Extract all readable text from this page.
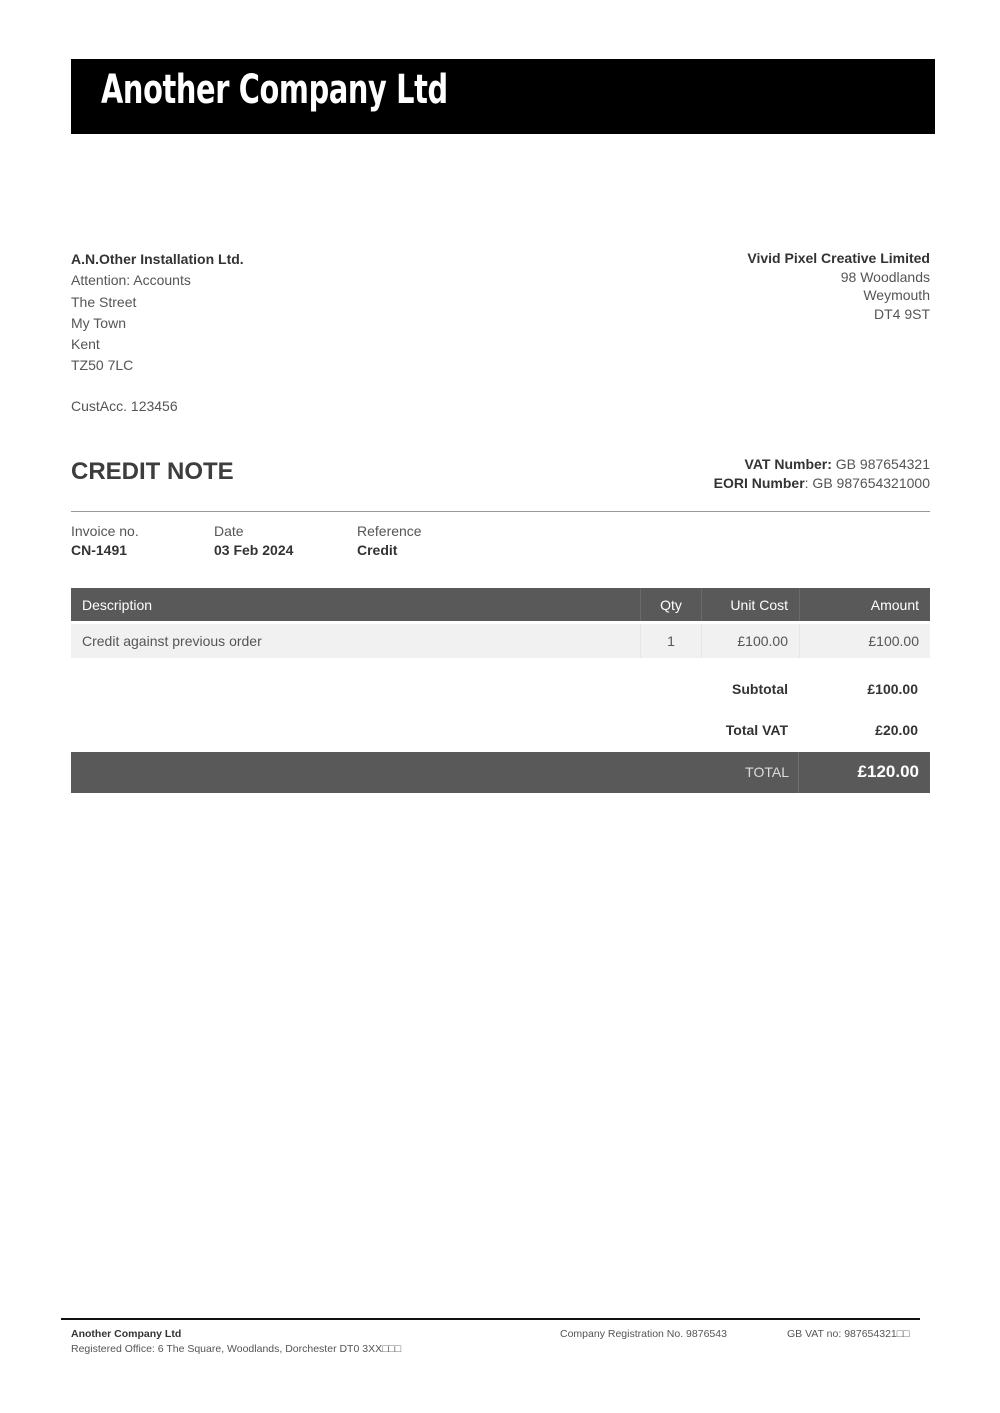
Another Company Ltd
A.N.Other Installation Ltd.
Attention: Accounts
The Street
My Town
Kent
TZ50 7LC
CustAcc. 123456
Vivid Pixel Creative Limited
98 Woodlands
Weymouth
DT4 9ST
CREDIT NOTE	VAT Number: GB 987654321
EORI Number: GB 987654321000
Invoice no.
CN-1491
Date
03 Feb 2024
Reference
Credit
Description	Qty	Unit Cost	Amount
Credit against previous order	1	£100.00	£100.00
Subtotal	£100.00
Total VAT	£20.00
TOTAL	£120.00
Another Company Ltd
Registered Office: 6 The Square, Woodlands, Dorchester DT0 3XX□□□
Company Registration No. 9876543	GB VAT no: 987654321□□
